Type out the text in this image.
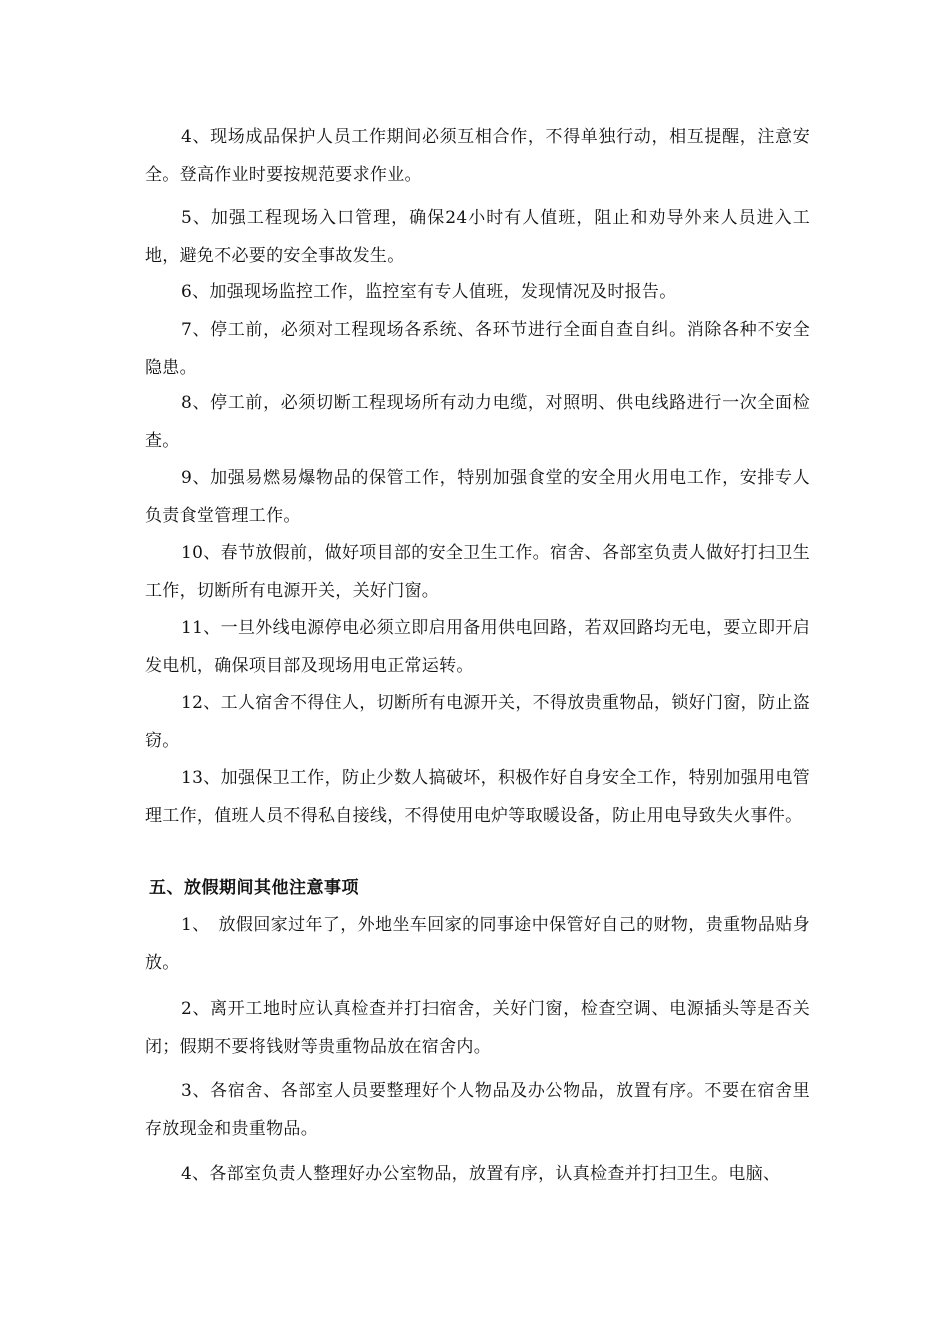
4、现场成品保护人员工作期间必须互相合作，不得单独行动，相互提醒，注意安全。登高作业时要按规范要求作业。

5、加强工程现场入口管理，确保24小时有人值班，阻止和劝导外来人员进入工地，避免不必要的安全事故发生。

6、加强现场监控工作，监控室有专人值班，发现情况及时报告。

7、停工前，必须对工程现场各系统、各环节进行全面自查自纠。消除各种不安全隐患。

8、停工前，必须切断工程现场所有动力电缆，对照明、供电线路进行一次全面检查。

9、加强易燃易爆物品的保管工作，特别加强食堂的安全用火用电工作，安排专人负责食堂管理工作。

10、春节放假前，做好项目部的安全卫生工作。宿舍、各部室负责人做好打扫卫生工作，切断所有电源开关，关好门窗。

11、一旦外线电源停电必须立即启用备用供电回路，若双回路均无电，要立即开启发电机，确保项目部及现场用电正常运转。

12、工人宿舍不得住人，切断所有电源开关，不得放贵重物品，锁好门窗，防止盗窃。

13、加强保卫工作，防止少数人搞破坏，积极作好自身安全工作，特别加强用电管理工作，值班人员不得私自接线，不得使用电炉等取暖设备，防止用电导致失火事件。

五、放假期间其他注意事项

1、　放假回家过年了，外地坐车回家的同事途中保管好自己的财物，贵重物品贴身放。

2、离开工地时应认真检查并打扫宿舍，关好门窗，检查空调、电源插头等是否关闭；假期不要将钱财等贵重物品放在宿舍内。

3、各宿舍、各部室人员要整理好个人物品及办公物品，放置有序。不要在宿舍里存放现金和贵重物品。

4、各部室负责人整理好办公室物品，放置有序，认真检查并打扫卫生。电脑、
